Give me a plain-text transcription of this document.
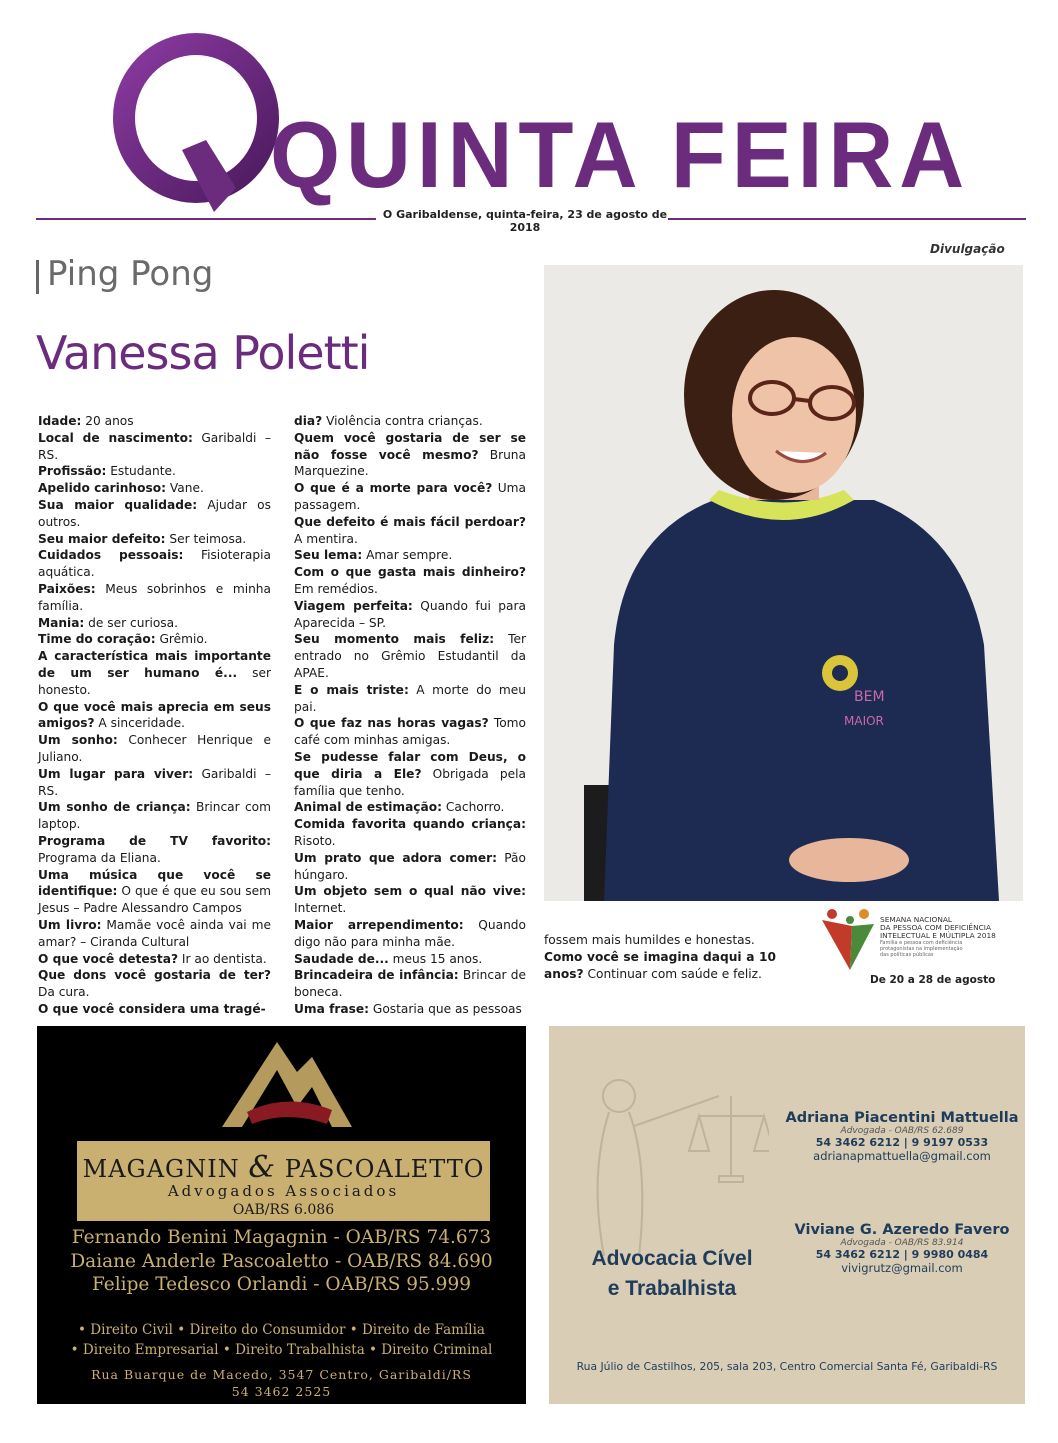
QUINTA FEIRA
O Garibaldense, quinta-feira, 23 de agosto de 2018
Ping Pong
Vanessa Poletti

Idade: 20 anos

Local de nascimento: Garibaldi – RS.

Profissão: Estudante.

Apelido carinhoso: Vane.

Sua maior qualidade: Ajudar os outros.

Seu maior defeito: Ser teimosa.

Cuidados pessoais: Fisioterapia aquática.

Paixões: Meus sobrinhos e minha família.

Mania: de ser curiosa.

Time do coração: Grêmio.

A característica mais importante de um ser humano é... ser honesto.

O que você mais aprecia em seus amigos? A sinceridade.

Um sonho: Conhecer Henrique e Juliano.

Um lugar para viver: Garibaldi – RS.

Um sonho de criança: Brincar com laptop.

Programa de TV favorito: Programa da Eliana.

Uma música que você se identifique: O que é que eu sou sem Jesus – Padre Alessandro Campos

Um livro: Mamãe você ainda vai me amar? – Ciranda Cultural

O que você detesta? Ir ao dentista.

Que dons você gostaria de ter? Da cura.

O que você considera uma tragé-

dia? Violência contra crianças.

Quem você gostaria de ser se não fosse você mesmo? Bruna Marquezine.

O que é a morte para você? Uma passagem.

Que defeito é mais fácil perdoar? A mentira.

Seu lema: Amar sempre.

Com o que gasta mais dinheiro? Em remédios.

Viagem perfeita: Quando fui para Aparecida – SP.

Seu momento mais feliz: Ter entrado no Grêmio Estudantil da APAE.

E o mais triste: A morte do meu pai.

O que faz nas horas vagas? Tomo café com minhas amigas.

Se pudesse falar com Deus, o que diria a Ele? Obrigada pela família que tenho.

Animal de estimação: Cachorro.

Comida favorita quando criança: Risoto.

Um prato que adora comer: Pão húngaro.

Um objeto sem o qual não vive: Internet.

Maior arrependimento: Quando digo não para minha mãe.

Saudade de... meus 15 anos.

Brincadeira de infância: Brincar de boneca.

Uma frase: Gostaria que as pessoas

fossem mais humildes e honestas.

Como você se imagina daqui a 10 anos? Continuar com saúde e feliz.

Divulgação
BEM
MAIOR
SEMANA NACIONAL
DA PESSOA COM DEFICIÊNCIA
INTELECTUAL E MÚLTIPLA 2018
Família e pessoa com deficiência
protagonistas na implementação
das políticas públicas
De 20 a 28 de agosto
MAGAGNIN & PASCOALETTO
Advogados Associados
OAB/RS 6.086
Fernando Benini Magagnin - OAB/RS 74.673
Daiane Anderle Pascoaletto - OAB/RS 84.690
Felipe Tedesco Orlandi - OAB/RS 95.999
• Direito Civil • Direito do Consumidor • Direito de Família
• Direito Empresarial • Direito Trabalhista • Direito Criminal
Rua Buarque de Macedo, 3547 Centro, Garibaldi/RS
54 3462 2525
Adriana Piacentini Mattuella
Advogada - OAB/RS 62.689
54 3462 6212 | 9 9197 0533
adrianapmattuella@gmail.com
Viviane G. Azeredo Favero
Advogada - OAB/RS 83.914
54 3462 6212 | 9 9980 0484
vivigrutz@gmail.com
Advocacia Cível
e Trabalhista
Rua Júlio de Castilhos, 205, sala 203, Centro Comercial Santa Fé, Garibaldi-RS
